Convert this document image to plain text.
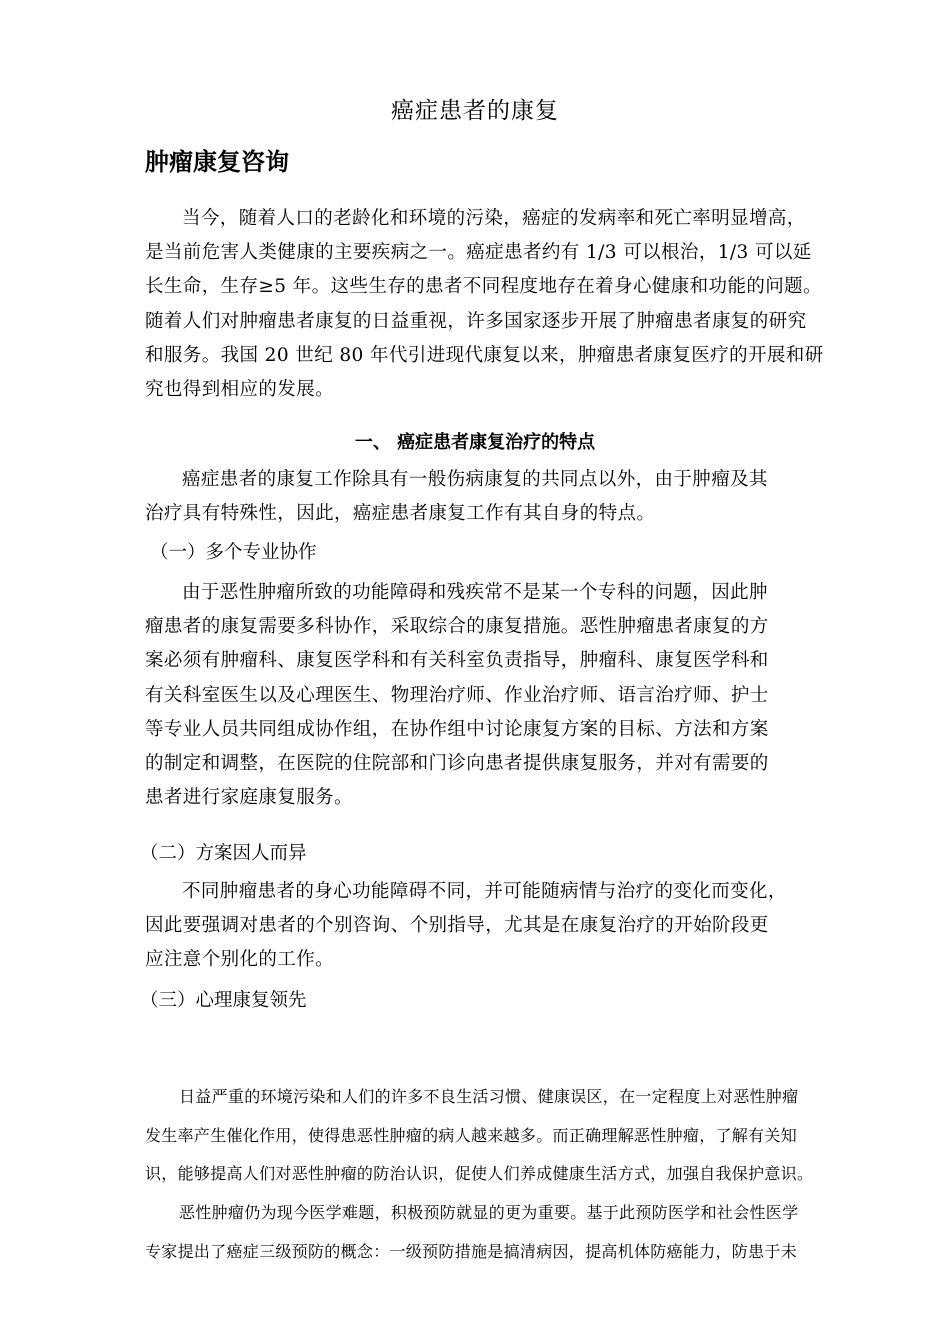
癌症患者的康复
肿瘤康复咨询
当今，随着人口的老龄化和环境的污染，癌症的发病率和死亡率明显增高，
是当前危害人类健康的主要疾病之一。癌症患者约有 1/3 可以根治，1/3 可以延
长生命，生存≥5 年。这些生存的患者不同程度地存在着身心健康和功能的问题。
随着人们对肿瘤患者康复的日益重视，许多国家逐步开展了肿瘤患者康复的研究
和服务。我国 20 世纪 80 年代引进现代康复以来，肿瘤患者康复医疗的开展和研
究也得到相应的发展。
一、 癌症患者康复治疗的特点
癌症患者的康复工作除具有一般伤病康复的共同点以外，由于肿瘤及其
治疗具有特殊性，因此，癌症患者康复工作有其自身的特点。
（一）多个专业协作
由于恶性肿瘤所致的功能障碍和残疾常不是某一个专科的问题，因此肿
瘤患者的康复需要多科协作，采取综合的康复措施。恶性肿瘤患者康复的方
案必须有肿瘤科、康复医学科和有关科室负责指导，肿瘤科、康复医学科和
有关科室医生以及心理医生、物理治疗师、作业治疗师、语言治疗师、护士
等专业人员共同组成协作组，在协作组中讨论康复方案的目标、方法和方案
的制定和调整，在医院的住院部和门诊向患者提供康复服务，并对有需要的
患者进行家庭康复服务。
（二）方案因人而异
不同肿瘤患者的身心功能障碍不同，并可能随病情与治疗的变化而变化，
因此要强调对患者的个别咨询、个别指导，尤其是在康复治疗的开始阶段更
应注意个别化的工作。
（三）心理康复领先
日益严重的环境污染和人们的许多不良生活习惯、健康误区，在一定程度上对恶性肿瘤
发生率产生催化作用，使得患恶性肿瘤的病人越来越多。而正确理解恶性肿瘤，了解有关知
识，能够提高人们对恶性肿瘤的防治认识，促使人们养成健康生活方式，加强自我保护意识。
恶性肿瘤仍为现今医学难题，积极预防就显的更为重要。基于此预防医学和社会性医学
专家提出了癌症三级预防的概念：一级预防措施是搞清病因，提高机体防癌能力，防患于未
